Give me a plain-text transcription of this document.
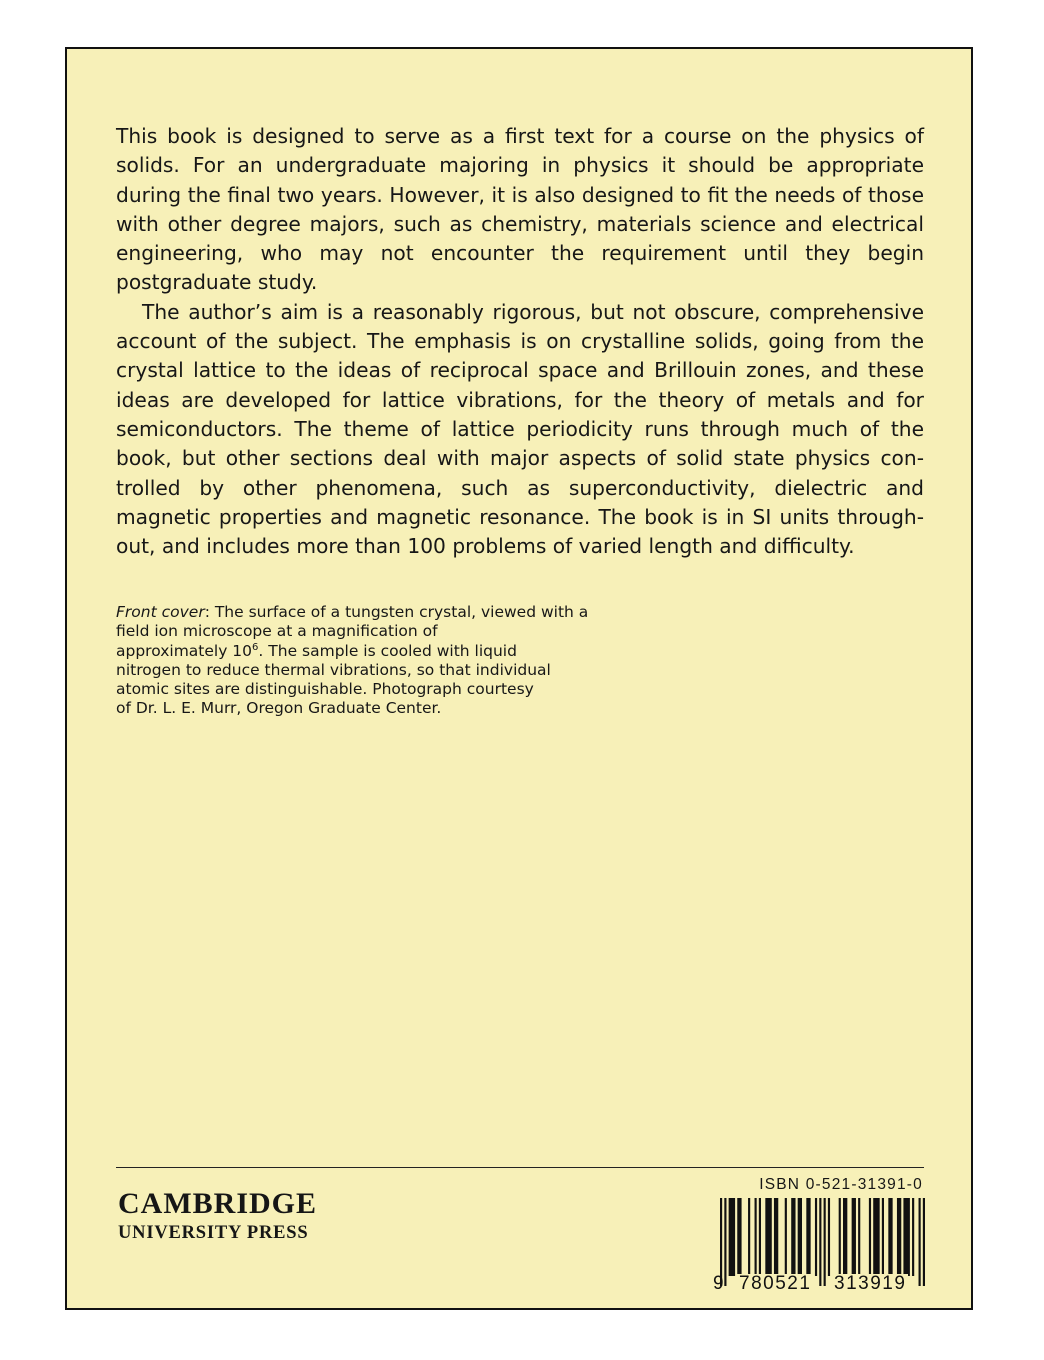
This book is designed to serve as a first text for a course on the physics of solids. For an undergraduate majoring in physics it should be appropriate during the final two years. However, it is also designed to fit the needs of those with other degree majors, such as chemistry, materials science and electrical engineering, who may not encounter the requirement until they begin postgraduate study.

The author’s aim is a reasonably rigorous, but not obscure, comprehensive account of the subject. The emphasis is on crystalline solids, going from the crystal lattice to the ideas of reciprocal space and Brillouin zones, and these ideas are developed for lattice vibrations, for the theory of metals and for semiconductors. The theme of lattice periodicity runs through much of the book, but other sections deal with major aspects of solid state physics controlled by other phenomena, such as superconductivity, dielectric and magnetic properties and magnetic resonance. The book is in SI units throughout, and includes more than 100 problems of varied length and difficulty.

Front cover: The surface of a tungsten crystal, viewed with a
field ion microscope at a magnification of
approximately $10^6$. The sample is cooled with liquid
nitrogen to reduce thermal vibrations, so that individual
atomic sites are distinguishable. Photograph courtesy
of Dr. L. E. Murr, Oregon Graduate Center.
CAMBRIDGE
UNIVERSITY PRESS
ISBN 0-521-31391-0
9 780521 313919
